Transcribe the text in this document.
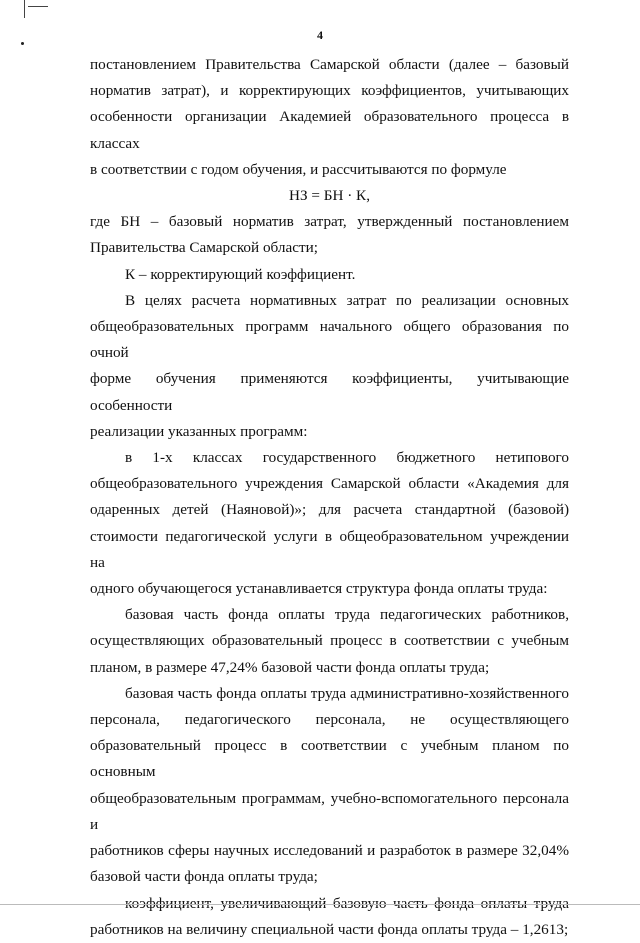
4

постановлением Правительства Самарской области (далее – базовый

норматив затрат), и корректирующих коэффициентов, учитывающих

особенности организации Академией образовательного процесса в классах

в соответствии с годом обучения, и рассчитываются по формуле

НЗ = БН · К,

где БН – базовый норматив затрат, утвержденный постановлением

Правительства Самарской области;

К – корректирующий коэффициент.

В целях расчета нормативных затрат по реализации основных

общеобразовательных программ начального общего образования по очной

форме обучения применяются коэффициенты, учитывающие особенности

реализации указанных программ:

в 1-х классах государственного бюджетного нетипового

общеобразовательного учреждения Самарской области «Академия для

одаренных детей (Наяновой)»; для расчета стандартной (базовой)

стоимости педагогической услуги в общеобразовательном учреждении на

одного обучающегося устанавливается структура фонда оплаты труда:

базовая часть фонда оплаты труда педагогических работников,

осуществляющих образовательный процесс в соответствии с учебным

планом, в размере 47,24% базовой части фонда оплаты труда;

базовая часть фонда оплаты труда административно-хозяйственного

персонала, педагогического персонала, не осуществляющего

образовательный процесс в соответствии с учебным планом по основным

общеобразовательным программам, учебно-вспомогательного персонала и

работников сферы научных исследований и разработок в размере 32,04%

базовой части фонда оплаты труда;

коэффициент, увеличивающий базовую часть фонда оплаты труда

работников на величину специальной части фонда оплаты труда – 1,2613;
